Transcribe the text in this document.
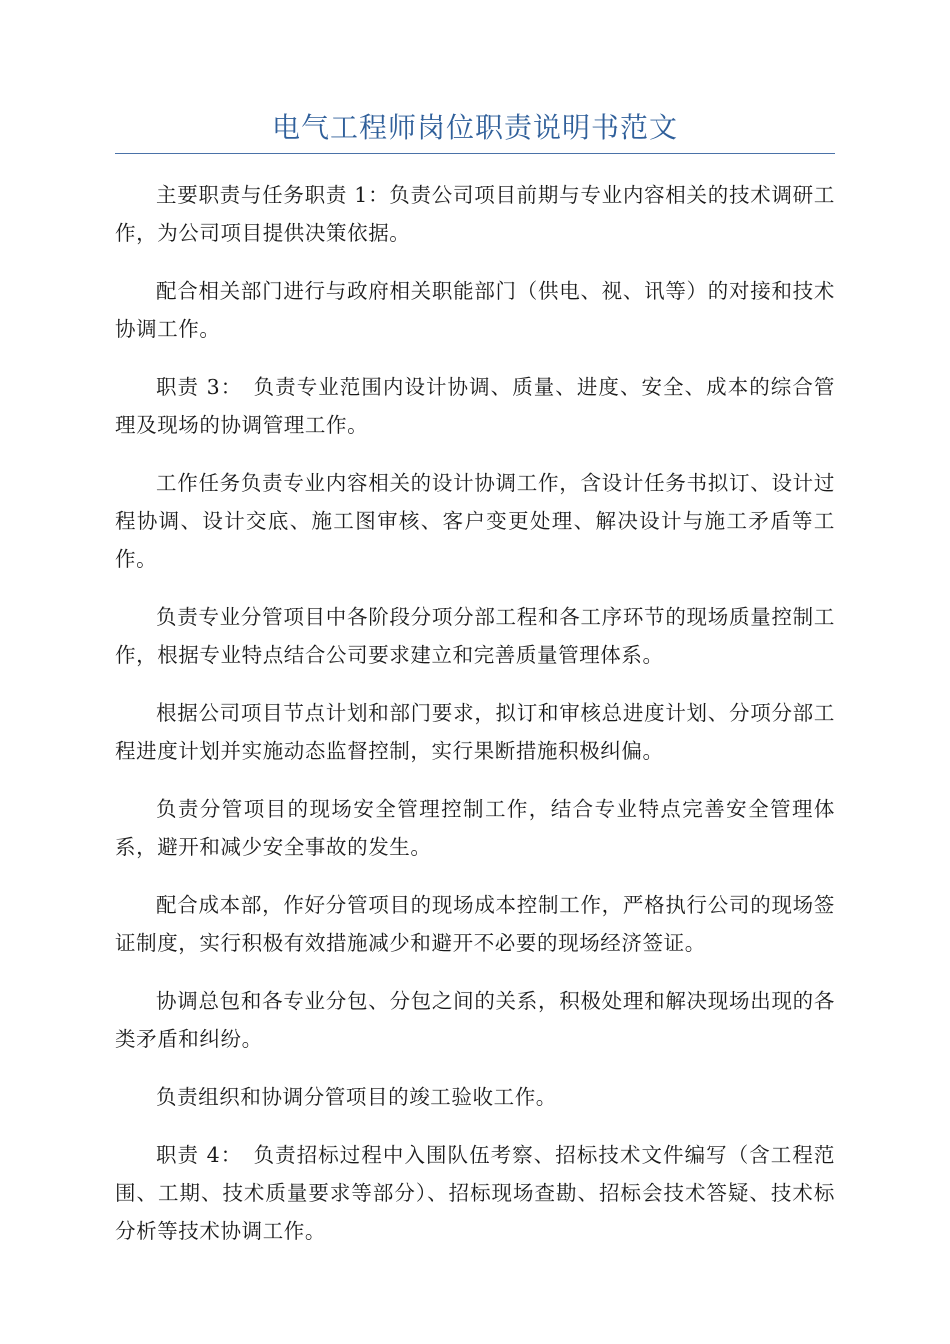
电气工程师岗位职责说明书范文

主要职责与任务职责 1：负责公司项目前期与专业内容相关的技术调研工作，为公司项目提供决策依据。

配合相关部门进行与政府相关职能部门（供电、视、讯等）的对接和技术协调工作。

职责 3：　负责专业范围内设计协调、质量、进度、安全、成本的综合管理及现场的协调管理工作。

工作任务负责专业内容相关的设计协调工作，含设计任务书拟订、设计过程协调、设计交底、施工图审核、客户变更处理、解决设计与施工矛盾等工作。

负责专业分管项目中各阶段分项分部工程和各工序环节的现场质量控制工作，根据专业特点结合公司要求建立和完善质量管理体系。

根据公司项目节点计划和部门要求，拟订和审核总进度计划、分项分部工程进度计划并实施动态监督控制，实行果断措施积极纠偏。

负责分管项目的现场安全管理控制工作，结合专业特点完善安全管理体系，避开和减少安全事故的发生。

配合成本部，作好分管项目的现场成本控制工作，严格执行公司的现场签证制度，实行积极有效措施减少和避开不必要的现场经济签证。

协调总包和各专业分包、分包之间的关系，积极处理和解决现场出现的各类矛盾和纠纷。

负责组织和协调分管项目的竣工验收工作。

职责 4：　负责招标过程中入围队伍考察、招标技术文件编写（含工程范围、工期、技术质量要求等部分）、招标现场查勘、招标会技术答疑、技术标分析等技术协调工作。
